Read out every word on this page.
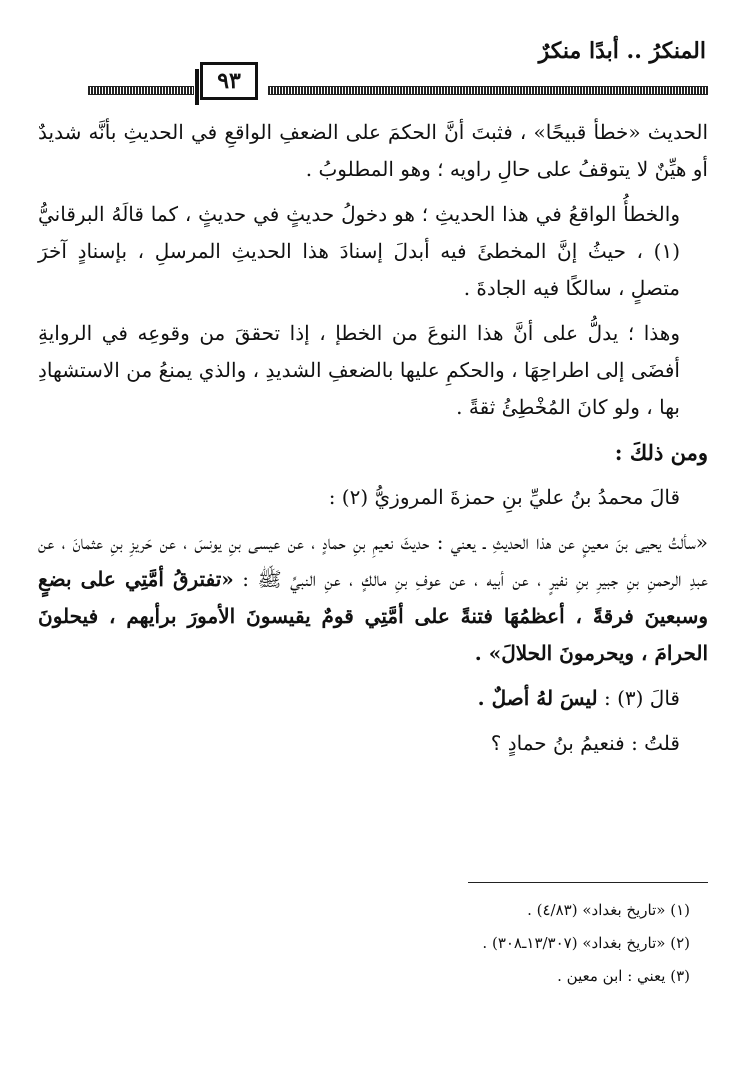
المنكرُ .. أبدًا منكرٌ
٩٣

الحديث «خطأ قبيحًا» ، فثبتَ أنَّ الحكمَ على الضعفِ الواقعِ في الحديثِ بأنَّه شديدٌ أو هيِّنٌ لا يتوقفُ على حالِ راويه ؛ وهو المطلوبُ .

والخطأُ الواقعُ في هذا الحديثِ ؛ هو دخولُ حديثٍ في حديثٍ ، كما قالَهُ البرقانيُّ (١) ، حيثُ إنَّ المخطئَ فيه أبدلَ إسنادَ هذا الحديثِ المرسلِ ، بإسنادٍ آخرَ متصلٍ ، سالكًا فيه الجادةَ .

وهذا ؛ يدلُّ على أنَّ هذا النوعَ من الخطإ ، إذا تحققَ من وقوعِه في الروايةِ أفضَى إلى اطراحِهَا ، والحكمِ عليها بالضعفِ الشديدِ ، والذي يمنعُ من الاستشهادِ بها ، ولو كانَ المُخْطِئُ ثقةً .

ومن ذلكَ :

قالَ محمدُ بنُ عليِّ بنِ حمزةَ المروزيُّ (٢) :

«سألتُ يحيى بنَ معينٍ عن هذا الحديثِ ـ يعني : حديثَ نعيمِ بنِ حمادٍ ، عن عيسى بنِ يونسَ ، عن حَريزِ بنِ عثمانَ ، عن عبدِ الرحمنِ بنِ جبيرِ بنِ نفيرٍ ، عن أبيه ، عن عوفِ بنِ مالكٍ ، عنِ النبيِّ ﷺ : «تفترقُ أمَّتِي على بضعٍ وسبعينَ فرقةً ، أعظمُهَا فتنةً على أمَّتِي قومٌ يقيسونَ الأمورَ برأيهم ، فيحلونَ الحرامَ ، ويحرمونَ الحلالَ» .

قالَ (٣) : ليسَ لهُ أصلٌ .

قلتُ : فنعيمُ بنُ حمادٍ ؟

(١) «تاريخ بغداد» (٤/٨٣) .

(٢) «تاريخ بغداد» (١٣/٣٠٧ـ٣٠٨) .

(٣) يعني : ابن معين .
